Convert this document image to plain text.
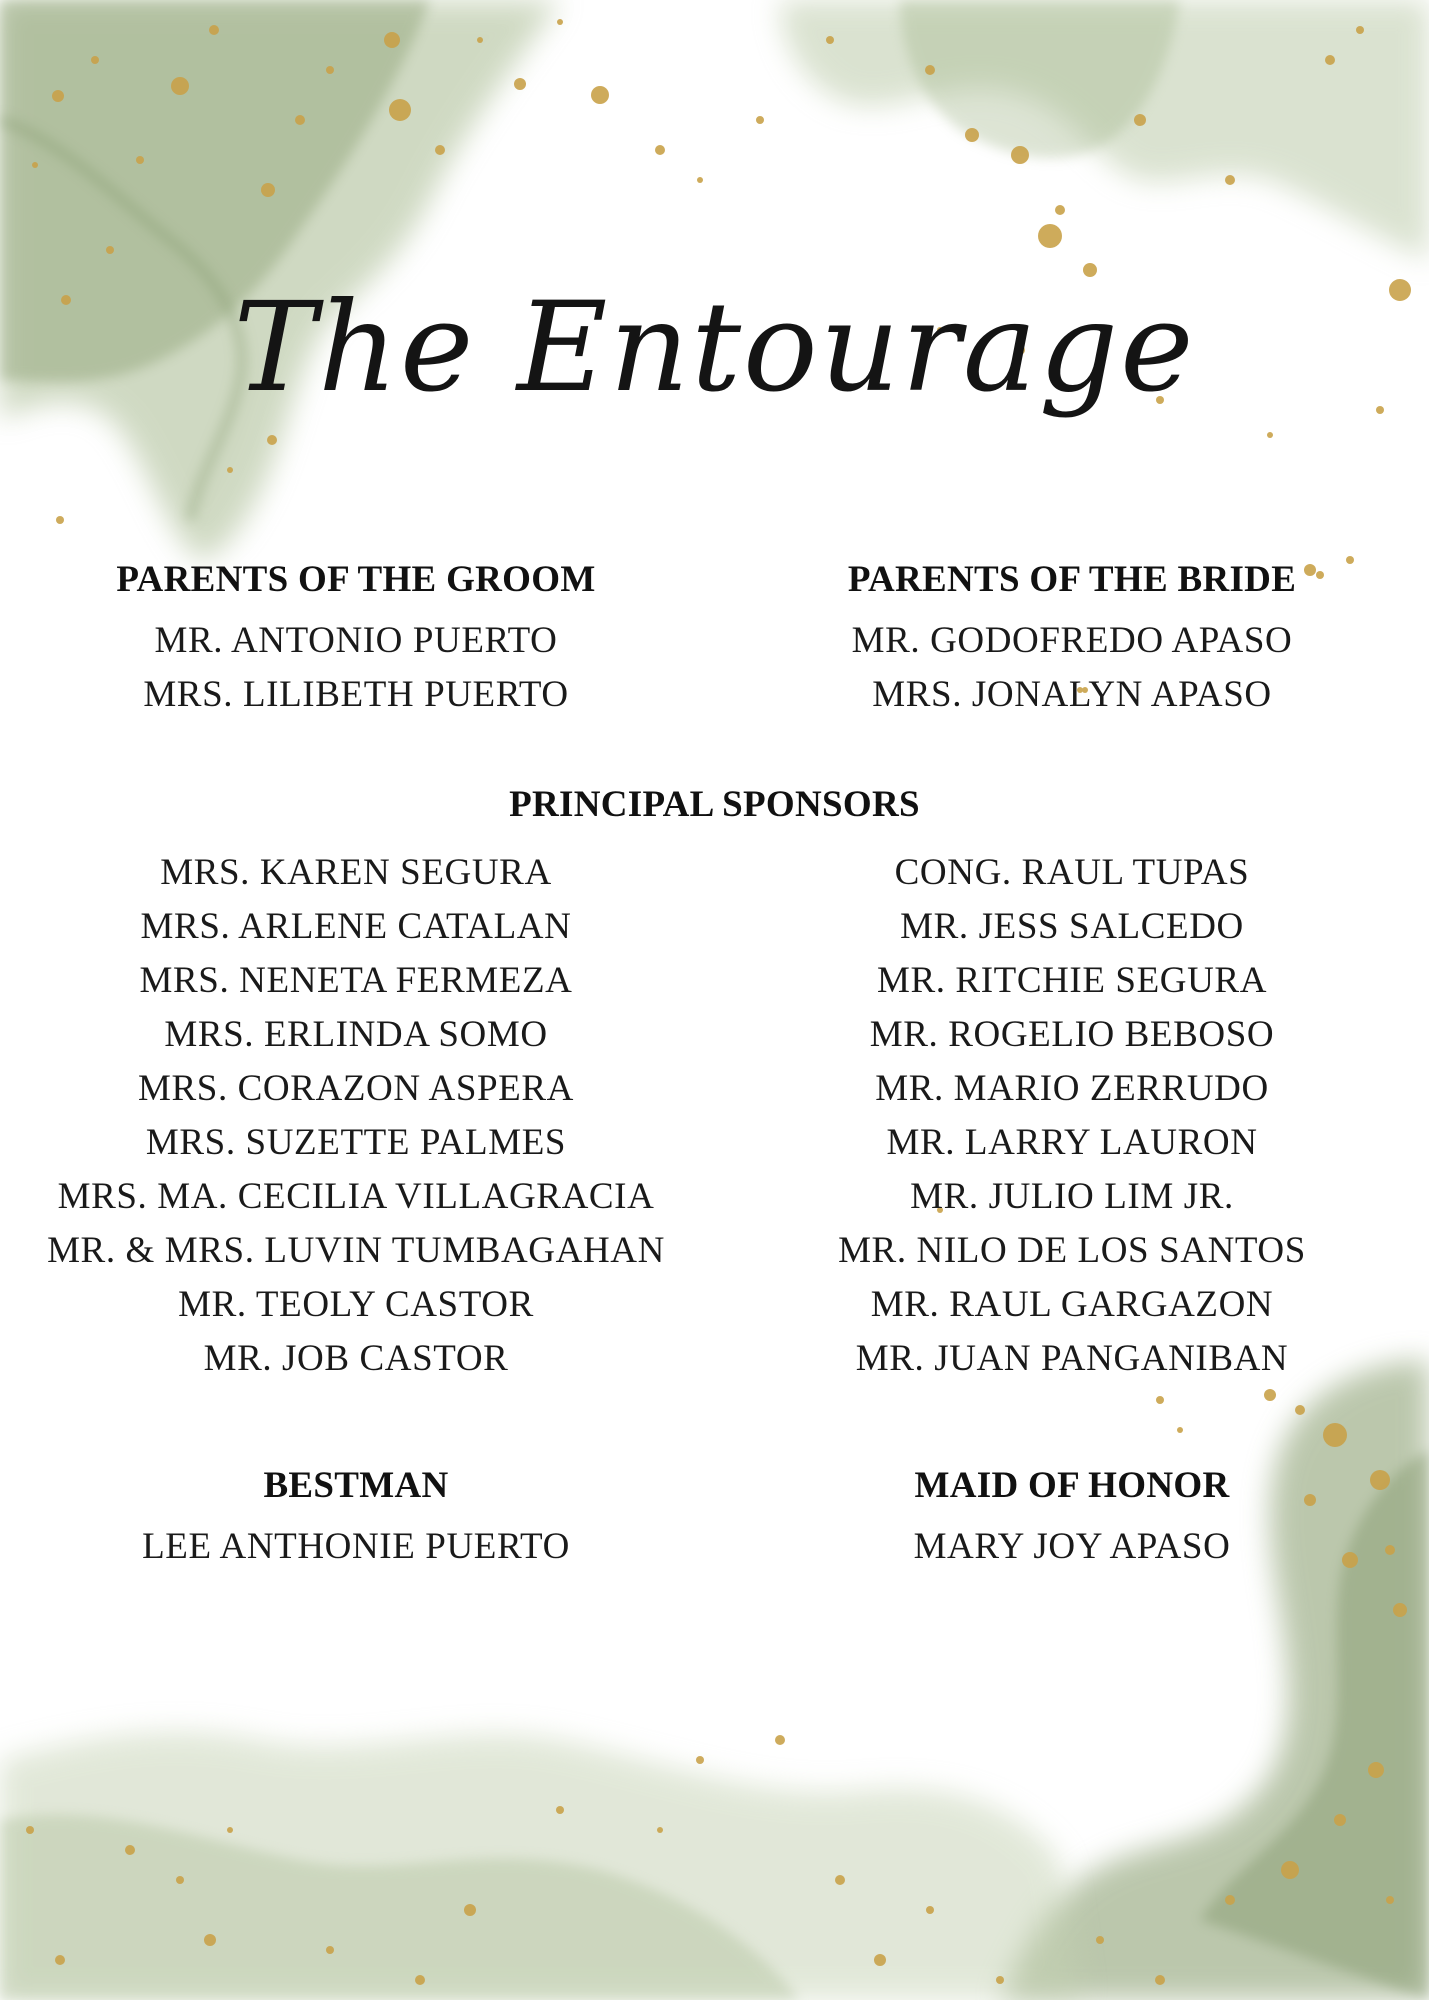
The Entourage
PARENTS OF THE GROOM
MR. ANTONIO PUERTO
MRS. LILIBETH PUERTO
PARENTS OF THE BRIDE
MR. GODOFREDO APASO
MRS. JONALYN APASO
PRINCIPAL SPONSORS
MRS. KAREN SEGURA
MRS. ARLENE CATALAN
MRS. NENETA FERMEZA
MRS. ERLINDA SOMO
MRS. CORAZON ASPERA
MRS. SUZETTE PALMES
MRS. MA. CECILIA VILLAGRACIA
MR. & MRS. LUVIN TUMBAGAHAN
MR. TEOLY CASTOR
MR. JOB CASTOR
CONG. RAUL TUPAS
MR. JESS SALCEDO
MR. RITCHIE SEGURA
MR. ROGELIO BEBOSO
MR. MARIO ZERRUDO
MR. LARRY LAURON
MR. JULIO LIM JR.
MR. NILO DE LOS SANTOS
MR. RAUL GARGAZON
MR. JUAN PANGANIBAN
BESTMAN
LEE ANTHONIE PUERTO
MAID OF HONOR
MARY JOY APASO
